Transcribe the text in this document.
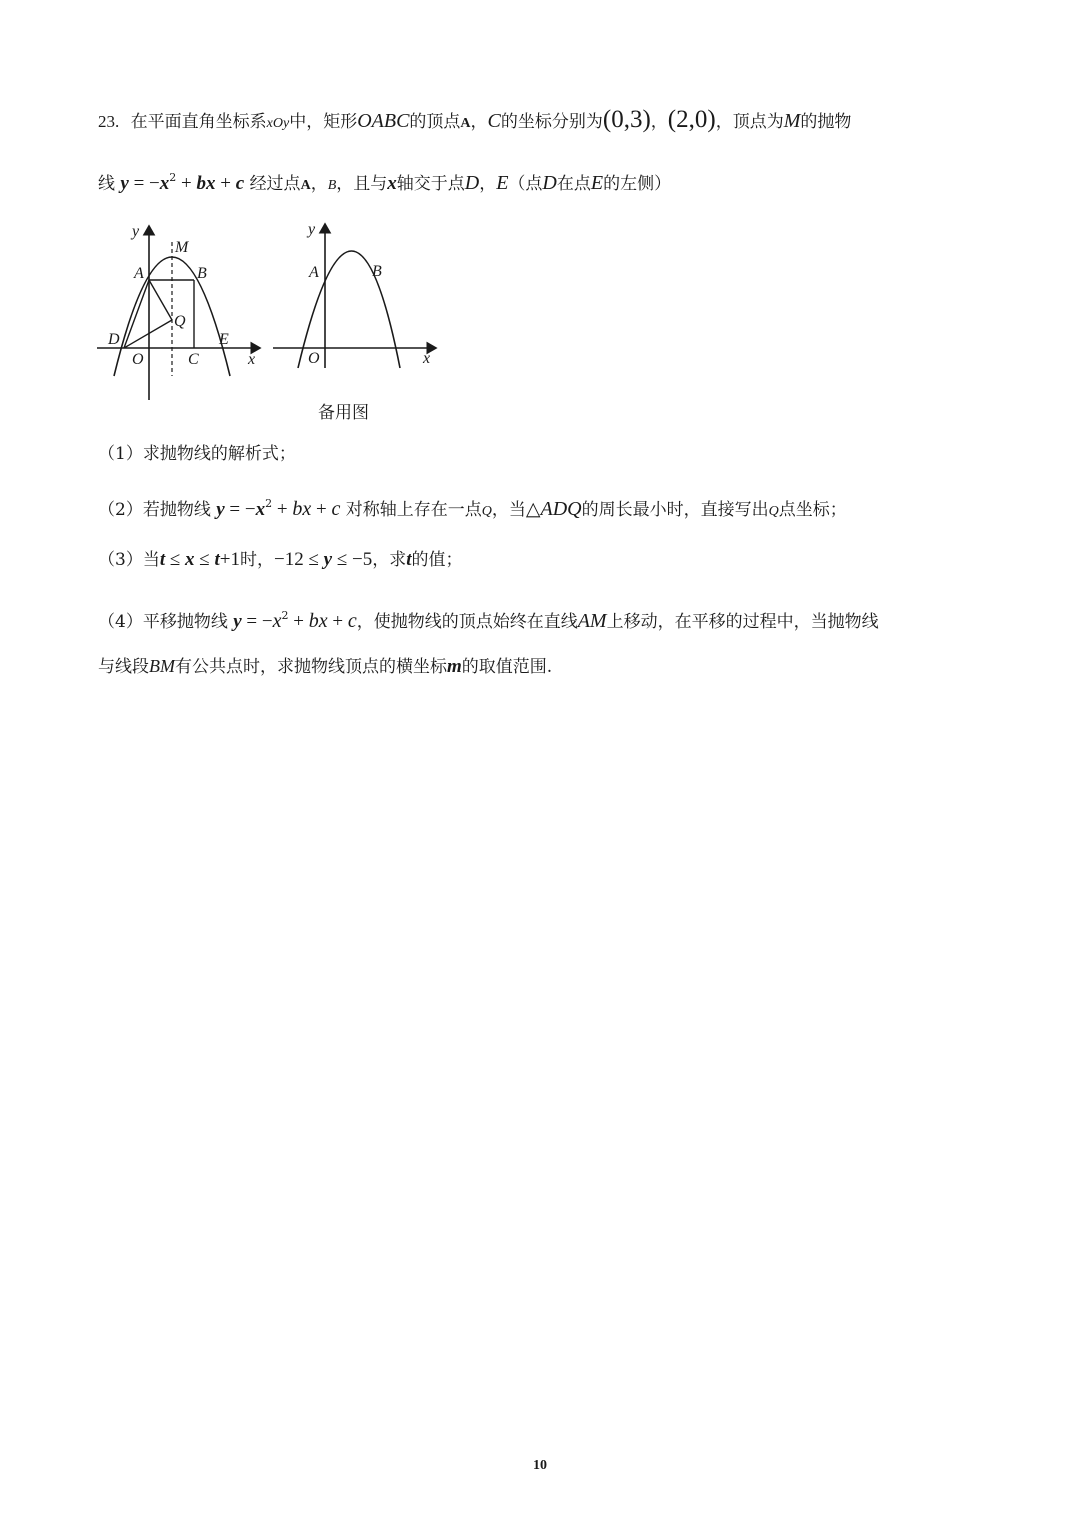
23. 在平面直角坐标系xOy中，矩形OABC的顶点A，C的坐标分别为(0,3)，(2,0)，顶点为M的抛物
线 $y = -x^2$ + bx + c 经过点A，B，且与x轴交于点D，E（点D在点E的左侧）
y
M
A	B
Q
D	E
O	C	x
y
A	B
O	x
备用图
（1）求抛物线的解析式；
（2）若抛物线 $y = -x^2$ + bx + c 对称轴上存在一点Q，当△ADQ的周长最小时，直接写出Q点坐标；
（3）当t ≤ x ≤ t+1时，−12 ≤ y ≤ −5，求t的值；
（4）平移抛物线 $y = -x^2$ + bx + c，使抛物线的顶点始终在直线AM上移动，在平移的过程中，当抛物线
与线段BM有公共点时，求抛物线顶点的横坐标m的取值范围.
10
